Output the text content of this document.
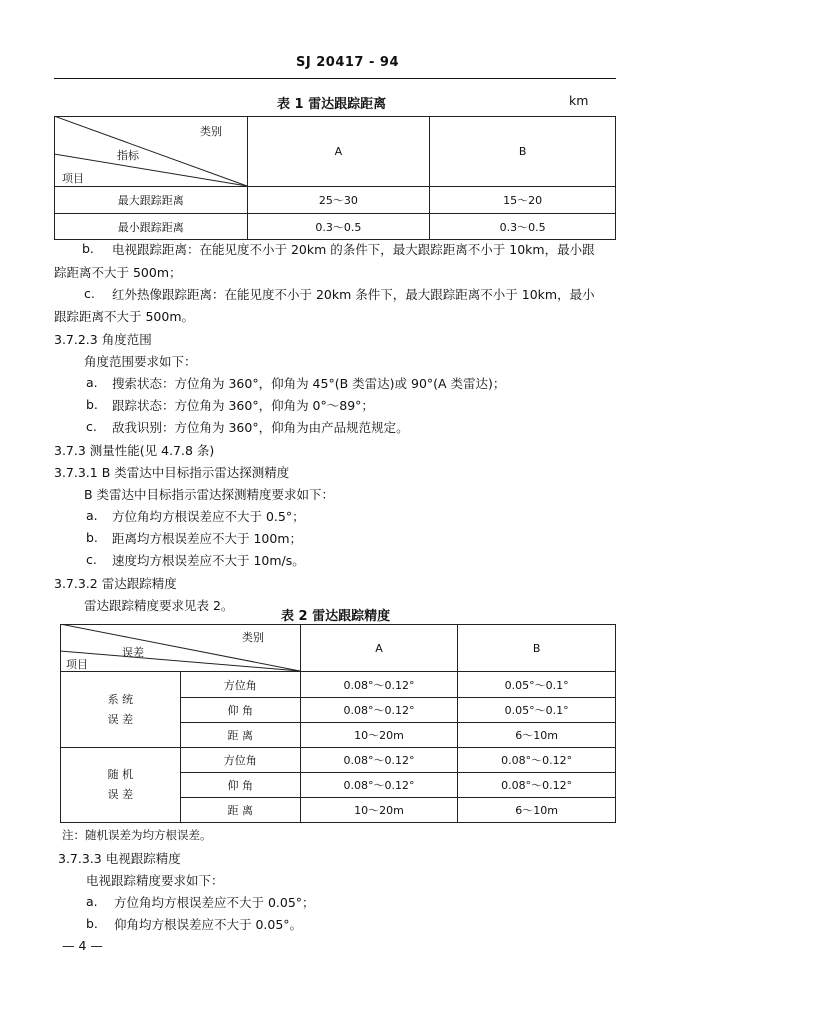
SJ 20417 - 94
表 1 雷达跟踪距离	km
	A	B
最大跟踪距离	25～30	15～20
最小跟踪距离	0.3～0.5	0.3～0.5
类别
指标
项目
b. 电视跟踪距离：在能见度不小于 20km 的条件下，最大跟踪距离不小于 10km，最小跟
踪距离不大于 500m；
c. 红外热像跟踪距离：在能见度不小于 20km 条件下，最大跟踪距离不小于 10km，最小
跟踪距离不大于 500m。
3.7.2.3 角度范围
角度范围要求如下：
a. 搜索状态：方位角为 360°，仰角为 45°(B 类雷达)或 90°(A 类雷达)；
b. 跟踪状态：方位角为 360°，仰角为 0°～89°；
c. 敌我识别：方位角为 360°，仰角为由产品规范规定。
3.7.3 测量性能(见 4.7.8 条)
3.7.3.1 B 类雷达中目标指示雷达探测精度
B 类雷达中目标指示雷达探测精度要求如下：
a. 方位角均方根误差应不大于 0.5°；
b. 距离均方根误差应不大于 100m；
c. 速度均方根误差应不大于 10m/s。
3.7.3.2 雷达跟踪精度
雷达跟踪精度要求见表 2。
表 2 雷达跟踪精度
		A	B

系 统
误 差	方位角	0.08°～0.12°	0.05°～0.1°
	仰 角	0.08°～0.12°	0.05°～0.1°
	距 离	10～20m	6～10m

随 机
误 差	方位角	0.08°～0.12°	0.08°～0.12°
	仰 角	0.08°～0.12°	0.08°～0.12°
	距 离	10～20m	6～10m
类别
误差
项目
注：随机误差为均方根误差。
3.7.3.3 电视跟踪精度
电视跟踪精度要求如下：
a. 方位角均方根误差应不大于 0.05°；
b. 仰角均方根误差应不大于 0.05°。
— 4 —
